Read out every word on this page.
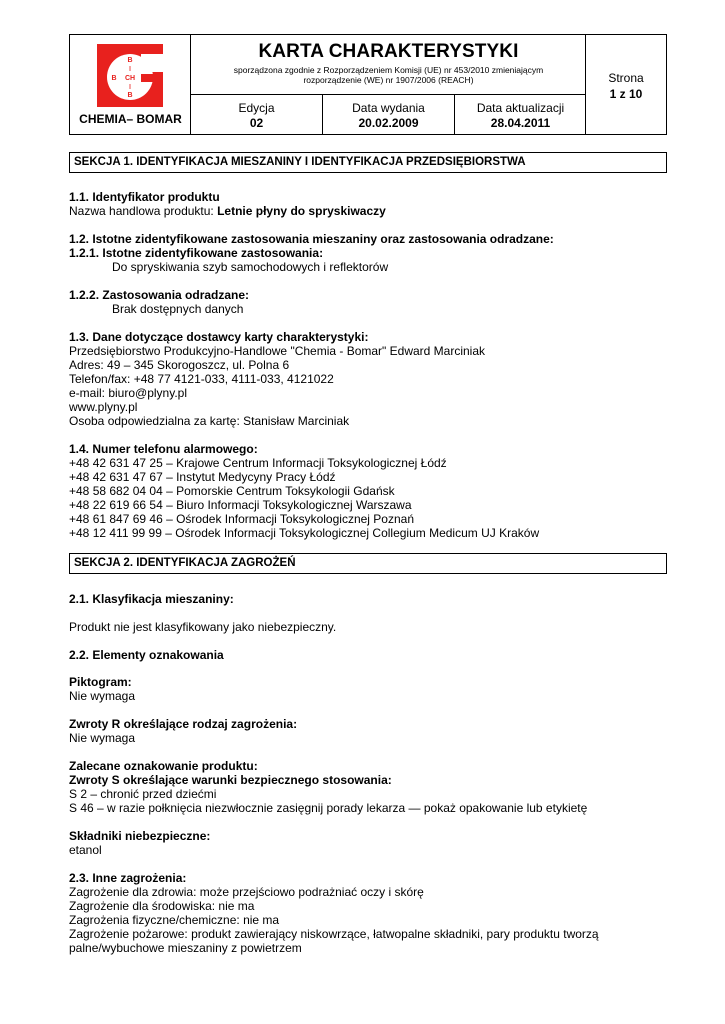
B
B CH B
B
CHEMIA– BOMAR
KARTA CHARAKTERYSTYKI
sporządzona zgodnie z Rozporządzeniem Komisji (UE) nr 453/2010 zmieniającym
rozporządzenie (WE) nr 1907/2006 (REACH)
Edycja
02
Data wydania
20.02.2009
Data aktualizacji
28.04.2011
Strona
1 z 10
SEKCJA 1. IDENTYFIKACJA MIESZANINY I IDENTYFIKACJA PRZEDSIĘBIORSTWA
1.1. Identyfikator produktu
Nazwa handlowa produktu: Letnie płyny do spryskiwaczy
1.2. Istotne zidentyfikowane zastosowania mieszaniny oraz zastosowania odradzane:
1.2.1. Istotne zidentyfikowane zastosowania:
Do spryskiwania szyb samochodowych i reflektorów
1.2.2. Zastosowania odradzane:
Brak dostępnych danych
1.3. Dane dotyczące dostawcy karty charakterystyki:
Przedsiębiorstwo Produkcyjno-Handlowe "Chemia - Bomar" Edward Marciniak
Adres: 49 – 345 Skorogoszcz, ul. Polna 6
Telefon/fax: +48 77 4121-033, 4111-033, 4121022
e-mail: biuro@plyny.pl
www.plyny.pl
Osoba odpowiedzialna za kartę: Stanisław Marciniak
1.4. Numer telefonu alarmowego:
+48 42 631 47 25 – Krajowe Centrum Informacji Toksykologicznej Łódź
+48 42 631 47 67 – Instytut Medycyny Pracy Łódź
+48 58 682 04 04 – Pomorskie Centrum Toksykologii Gdańsk
+48 22 619 66 54 – Biuro Informacji Toksykologicznej Warszawa
+48 61 847 69 46 – Ośrodek Informacji Toksykologicznej Poznań
+48 12 411 99 99 – Ośrodek Informacji Toksykologicznej Collegium Medicum UJ Kraków
SEKCJA 2. IDENTYFIKACJA ZAGROŻEŃ
2.1. Klasyfikacja mieszaniny:
Produkt nie jest klasyfikowany jako niebezpieczny.
2.2. Elementy oznakowania
Piktogram:
Nie wymaga
Zwroty R określające rodzaj zagrożenia:
Nie wymaga
Zalecane oznakowanie produktu:
Zwroty S określające warunki bezpiecznego stosowania:
S 2 – chronić przed dziećmi
S 46 – w razie połknięcia niezwłocznie zasięgnij porady lekarza — pokaż opakowanie lub etykietę
Składniki niebezpieczne:
etanol
2.3. Inne zagrożenia:
Zagrożenie dla zdrowia: może przejściowo podrażniać oczy i skórę
Zagrożenie dla środowiska: nie ma
Zagrożenia fizyczne/chemiczne: nie ma
Zagrożenie pożarowe: produkt zawierający niskowrzące, łatwopalne składniki, pary produktu tworzą
palne/wybuchowe mieszaniny z powietrzem
